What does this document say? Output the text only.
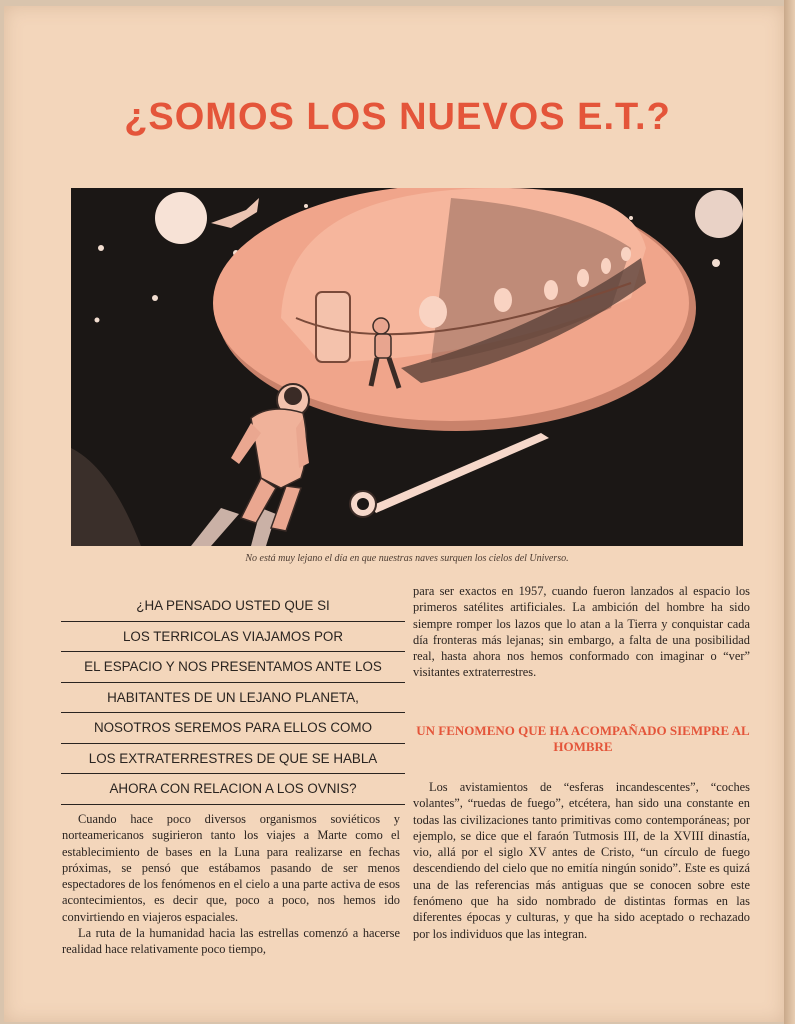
¿SOMOS LOS NUEVOS E.T.?
No está muy lejano el día en que nuestras naves surquen los cielos del Universo.
¿HA PENSADO USTED QUE SI
LOS TERRICOLAS VIAJAMOS POR
EL ESPACIO Y NOS PRESENTAMOS ANTE LOS
HABITANTES DE UN LEJANO PLANETA,
NOSOTROS SEREMOS PARA ELLOS COMO
LOS EXTRATERRESTRES DE QUE SE HABLA
AHORA CON RELACION A LOS OVNIS?

Cuando hace poco diversos organismos soviéticos y norteamericanos sugirieron tanto los viajes a Marte como el establecimiento de bases en la Luna para realizarse en fechas próximas, se pensó que estábamos pasando de ser menos espectadores de los fenómenos en el cielo a una parte activa de esos acontecimientos, es decir que, poco a poco, nos hemos ido convirtiendo en viajeros espaciales.

La ruta de la humanidad hacia las estrellas comenzó a hacerse realidad hace relativamente poco tiempo,

para ser exactos en 1957, cuando fueron lanzados al espacio los primeros satélites artificiales. La ambición del hombre ha sido siempre romper los lazos que lo atan a la Tierra y conquistar cada día fronteras más lejanas; sin embargo, a falta de una posibilidad real, hasta ahora nos hemos conformado con imaginar o “ver” visitantes extraterrestres.

UN FENOMENO QUE HA ACOMPAÑADO SIEMPRE AL HOMBRE

Los avistamientos de “esferas incandescentes”, “coches volantes”, “ruedas de fuego”, etcétera, han sido una constante en todas las civilizaciones tanto primitivas como contemporáneas; por ejemplo, se dice que el faraón Tutmosis III, de la XVIII dinastía, vio, allá por el siglo XV antes de Cristo, “un círculo de fuego descendiendo del cielo que no emitía ningún sonido”. Este es quizá una de las referencias más antiguas que se conocen sobre este fenómeno que ha sido nombrado de distintas formas en las diferentes épocas y culturas, y que ha sido aceptado o rechazado por los individuos que las integran.
